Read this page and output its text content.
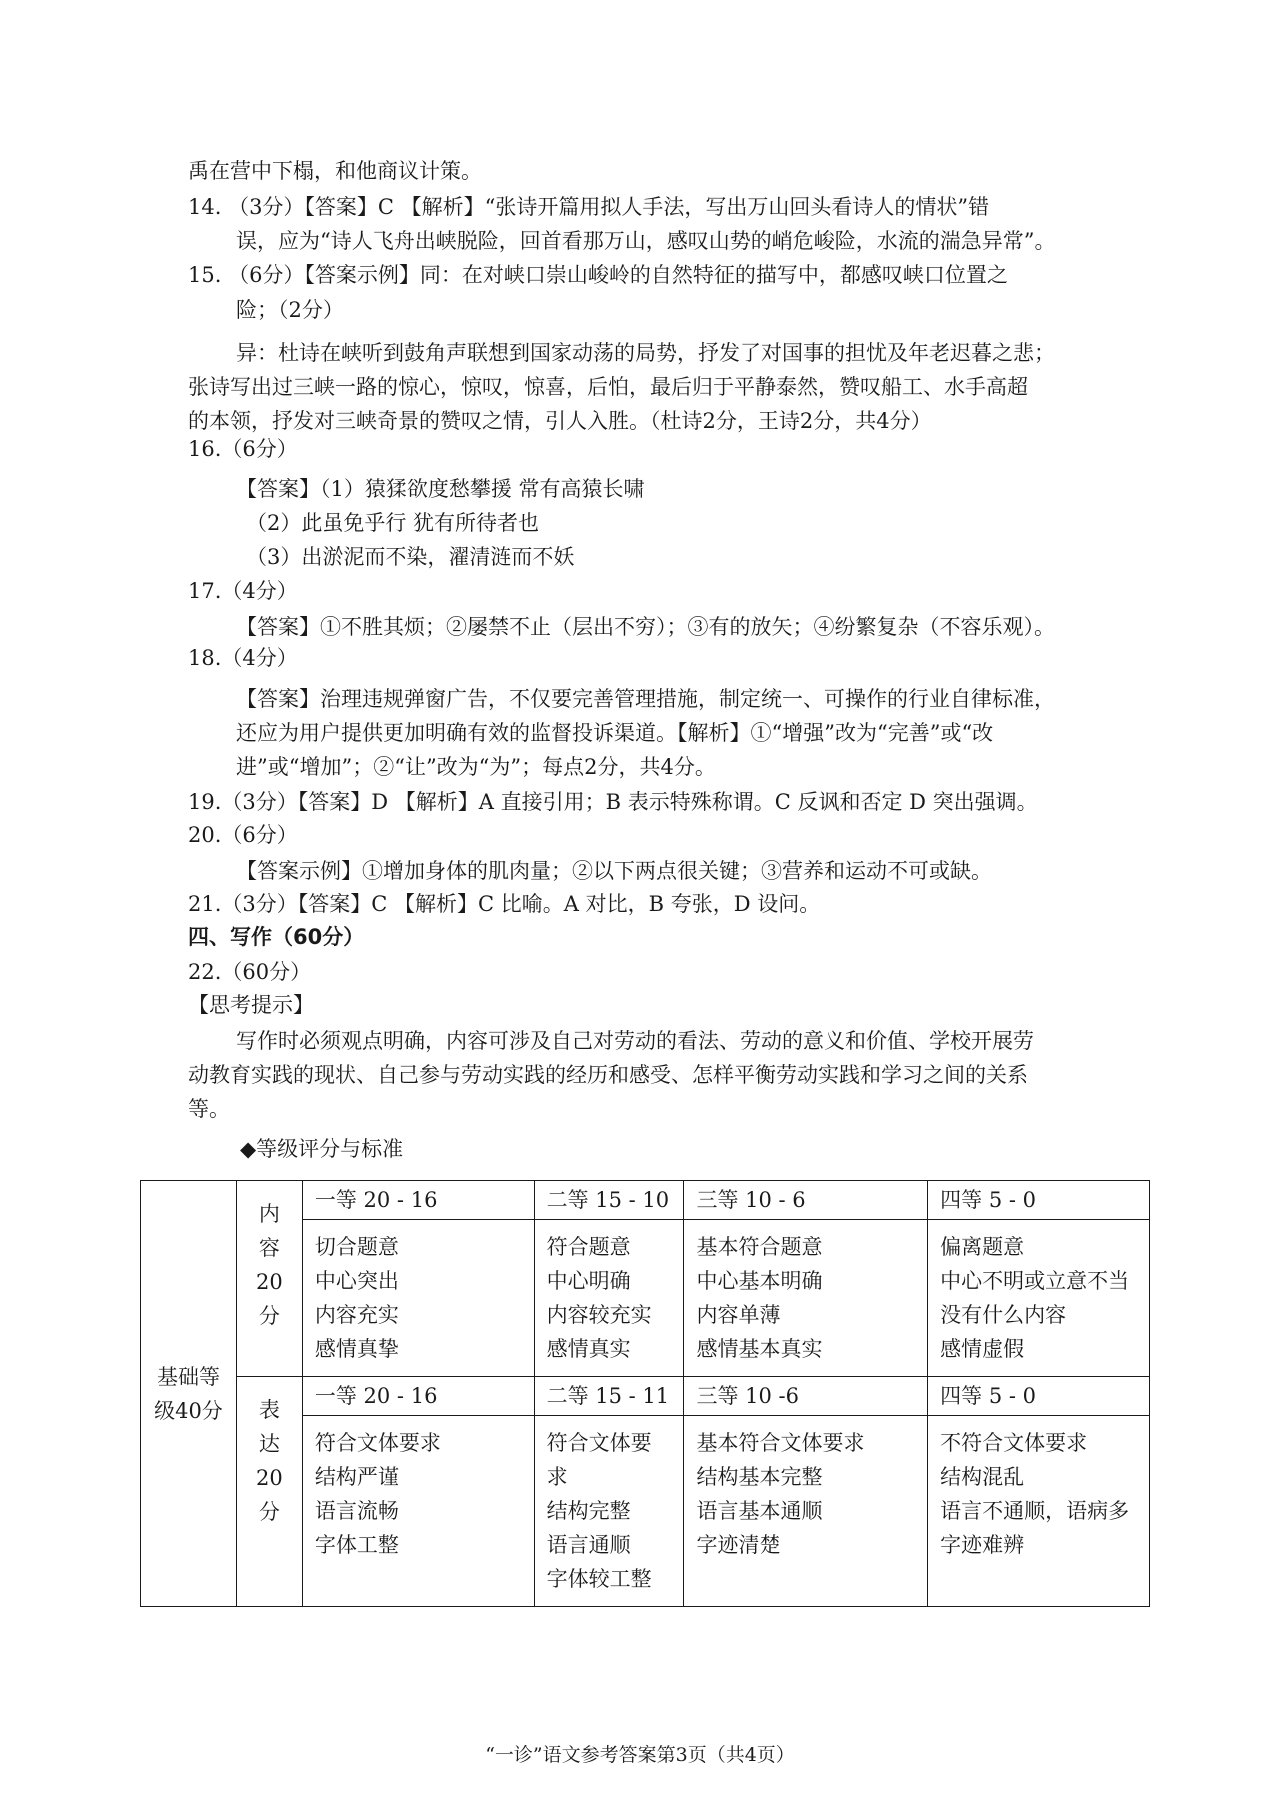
禹在营中下榻，和他商议计策。
14. （3分）【答案】C 【解析】“张诗开篇用拟人手法，写出万山回头看诗人的情状”错
误，应为“诗人飞舟出峡脱险，回首看那万山，感叹山势的峭危峻险，水流的湍急异常”。
15. （6分）【答案示例】同：在对峡口崇山峻岭的自然特征的描写中，都感叹峡口位置之
险；（2分）
异：杜诗在峡听到鼓角声联想到国家动荡的局势，抒发了对国事的担忧及年老迟暮之悲；
张诗写出过三峡一路的惊心，惊叹，惊喜，后怕，最后归于平静泰然，赞叹船工、水手高超
的本领，抒发对三峡奇景的赞叹之情，引人入胜。（杜诗2分，王诗2分，共4分）
16.（6分）
【答案】（1）猿猱欲度愁攀援 常有高猿长啸
（2）此虽免乎行 犹有所待者也
（3）出淤泥而不染，濯清涟而不妖
17.（4分）
【答案】①不胜其烦；②屡禁不止（层出不穷）；③有的放矢；④纷繁复杂（不容乐观）。
18.（4分）
【答案】治理违规弹窗广告，不仅要完善管理措施，制定统一、可操作的行业自律标准，
还应为用户提供更加明确有效的监督投诉渠道。【解析】①“增强”改为“完善”或“改
进”或“增加”；②“让”改为“为”；每点2分，共4分。
19.（3分）【答案】D 【解析】A 直接引用；B 表示特殊称谓。C 反讽和否定 D 突出强调。
20.（6分）
【答案示例】①增加身体的肌肉量；②以下两点很关键；③营养和运动不可或缺。
21.（3分）【答案】C 【解析】C 比喻。A 对比，B 夸张，D 设问。
四、写作（60分）
22.（60分）
【思考提示】
写作时必须观点明确，内容可涉及自己对劳动的看法、劳动的意义和价值、学校开展劳
动教育实践的现状、自己参与劳动实践的经历和感受、怎样平衡劳动实践和学习之间的关系
等。
◆等级评分与标准
基础等
级40分	内
容
20
分	一等 20 - 16	二等 15 - 10	三等 10 - 6	四等 5 - 0
		切合题意
中心突出
内容充实
感情真挚	符合题意
中心明确
内容较充实
感情真实	基本符合题意
中心基本明确
内容单薄
感情基本真实	偏离题意
中心不明或立意不当
没有什么内容
感情虚假
	表
达
20
分	一等 20 - 16	二等 15 - 11	三等 10 -6	四等 5 - 0
		符合文体要求
结构严谨
语言流畅
字体工整	符合文体要求
结构完整
语言通顺
字体较工整	基本符合文体要求
结构基本完整
语言基本通顺
字迹清楚	不符合文体要求
结构混乱
语言不通顺，语病多
字迹难辨
“一诊”语文参考答案第3页（共4页）
